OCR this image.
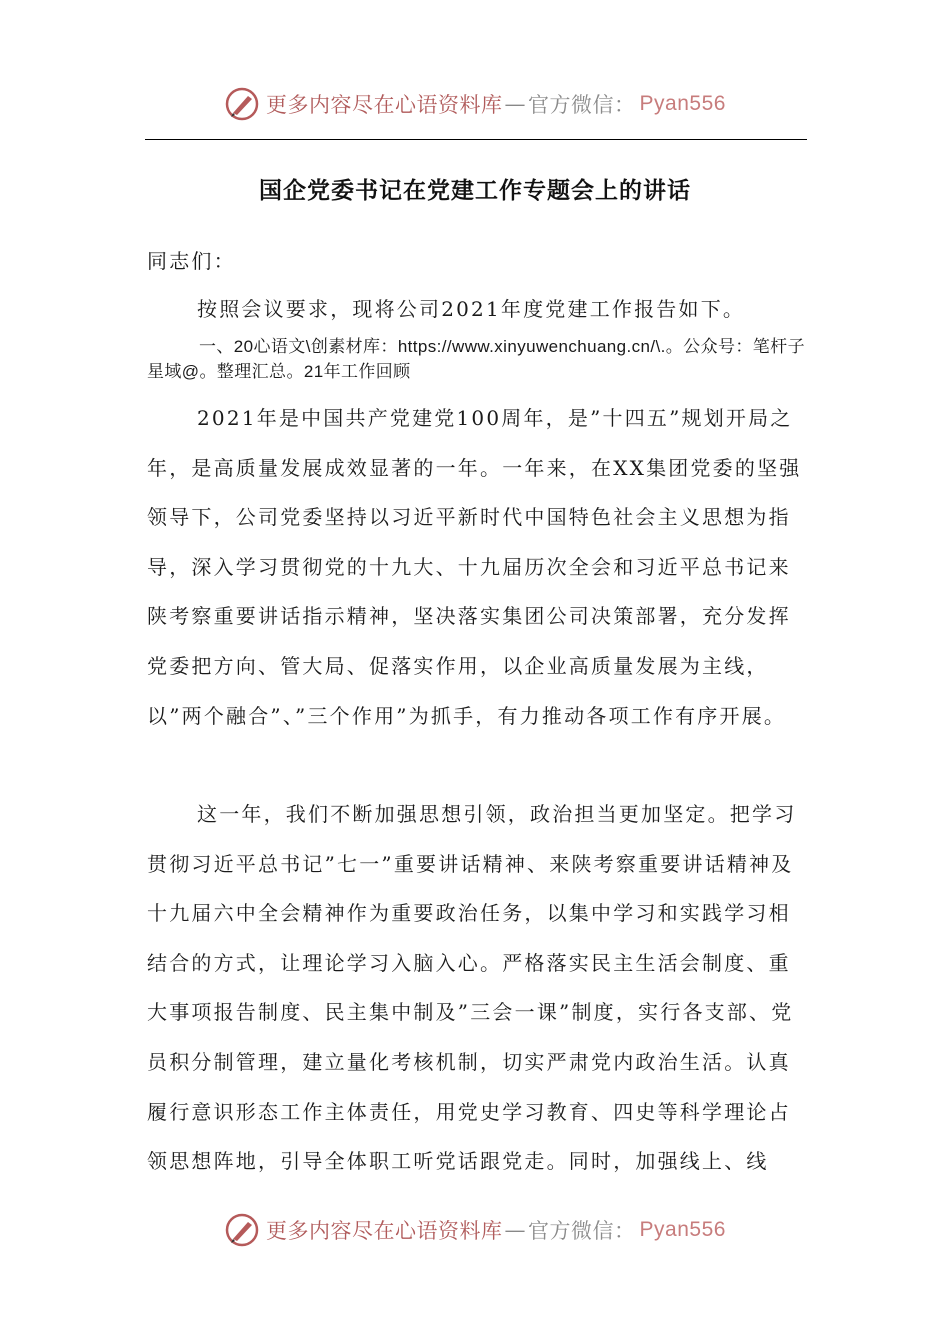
更多内容尽在心语资料库 — 官方微信： Pyan556
国企党委书记在党建工作专题会上的讲话
同志们：
按照会议要求，现将公司2021年度党建工作报告如下。
一、20心语文\创素材库：https://www.xinyuwenchuang.cn/\.。公众号：笔杆子星域@。整理汇总。21年工作回顾
2021年是中国共产党建党100周年，是”十四五”规划开局之年，是高质量发展成效显著的一年。一年来，在XX集团党委的坚强领导下，公司党委坚持以习近平新时代中国特色社会主义思想为指导，深入学习贯彻党的十九大、十九届历次全会和习近平总书记来陕考察重要讲话指示精神，坚决落实集团公司决策部署，充分发挥党委把方向、管大局、促落实作用，以企业高质量发展为主线，以”两个融合”、”三个作用”为抓手，有力推动各项工作有序开展。
这一年，我们不断加强思想引领，政治担当更加坚定。把学习贯彻习近平总书记”七一”重要讲话精神、来陕考察重要讲话精神及十九届六中全会精神作为重要政治任务，以集中学习和实践学习相结合的方式，让理论学习入脑入心。严格落实民主生活会制度、重大事项报告制度、民主集中制及”三会一课”制度，实行各支部、党员积分制管理，建立量化考核机制，切实严肃党内政治生活。认真履行意识形态工作主体责任，用党史学习教育、四史等科学理论占领思想阵地，引导全体职工听党话跟党走。同时，加强线上、线
更多内容尽在心语资料库 — 官方微信： Pyan556
